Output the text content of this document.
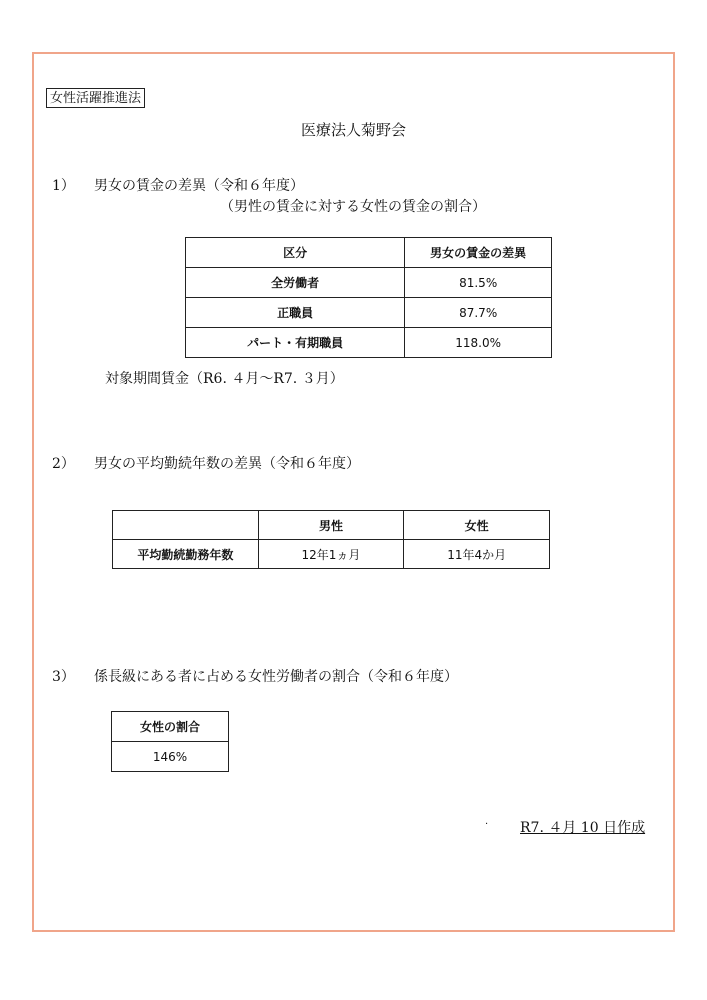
女性活躍推進法
医療法人菊野会
1） 男女の賃金の差異（令和６年度）
（男性の賃金に対する女性の賃金の割合）
区分	男女の賃金の差異
全労働者	81.5%
正職員	87.7%
パート・有期職員	118.0%
対象期間賃金（R6. ４月～R7. ３月）
2） 男女の平均勤続年数の差異（令和６年度）
	男性	女性
平均勤続勤務年数	12年1ヵ月	11年4か月
3） 係長級にある者に占める女性労働者の割合（令和６年度）
女性の割合
146%
· R7. ４月 10 日作成
